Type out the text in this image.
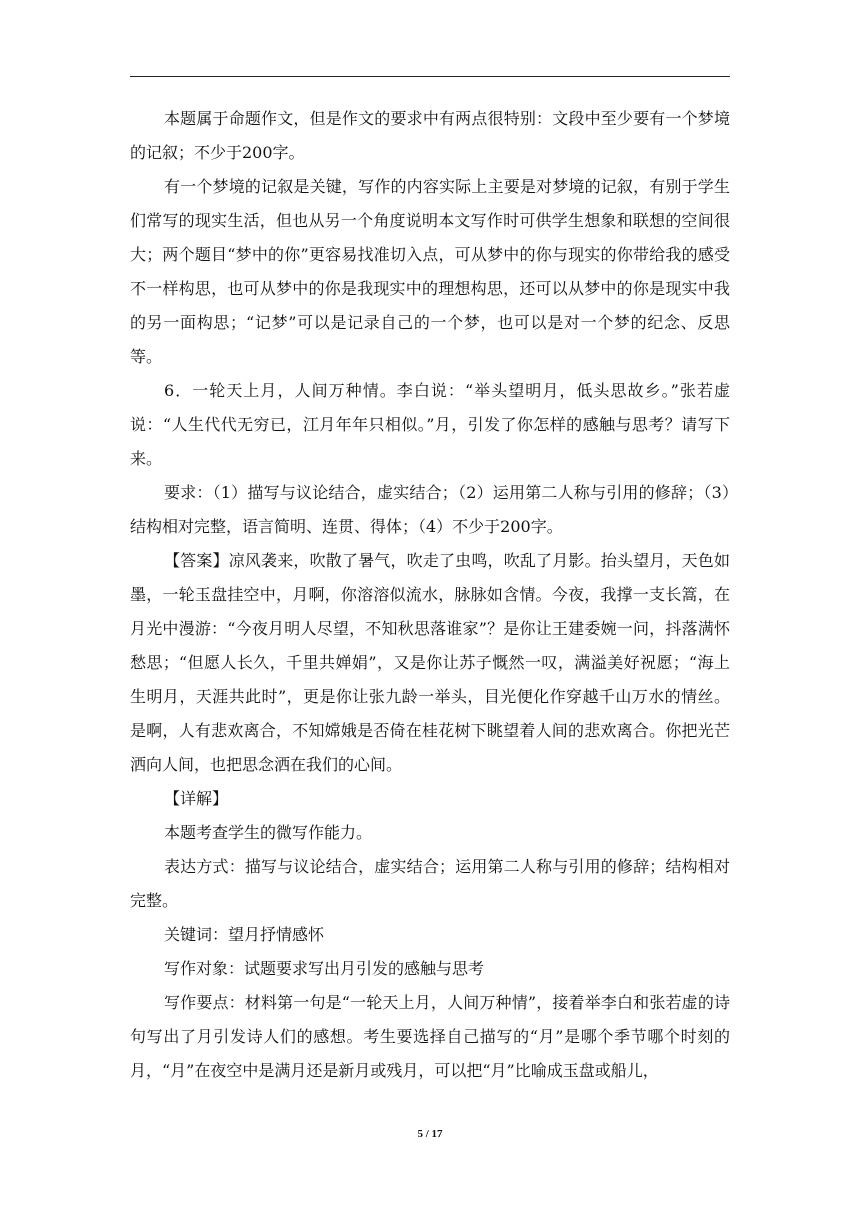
本题属于命题作文，但是作文的要求中有两点很特别：文段中至少要有一个梦境的记叙；不少于200字。

有一个梦境的记叙是关键，写作的内容实际上主要是对梦境的记叙，有别于学生们常写的现实生活，但也从另一个角度说明本文写作时可供学生想象和联想的空间很大；两个题目“梦中的你”更容易找准切入点，可从梦中的你与现实的你带给我的感受不一样构思，也可从梦中的你是我现实中的理想构思，还可以从梦中的你是现实中我的另一面构思；“记梦”可以是记录自己的一个梦，也可以是对一个梦的纪念、反思等。

6．一轮天上月，人间万种情。李白说：“举头望明月，低头思故乡。”张若虚说：“人生代代无穷已，江月年年只相似。”月，引发了你怎样的感触与思考？请写下来。

要求：（1）描写与议论结合，虚实结合；（2）运用第二人称与引用的修辞；（3）结构相对完整，语言简明、连贯、得体；（4）不少于200字。

【答案】凉风袭来，吹散了暑气，吹走了虫鸣，吹乱了月影。抬头望月，天色如墨，一轮玉盘挂空中，月啊，你溶溶似流水，脉脉如含情。今夜，我撑一支长篙，在月光中漫游：“今夜月明人尽望，不知秋思落谁家”？是你让王建委婉一问，抖落满怀愁思；“但愿人长久，千里共婵娟”，又是你让苏子慨然一叹，满溢美好祝愿；“海上生明月，天涯共此时”，更是你让张九龄一举头，目光便化作穿越千山万水的情丝。是啊，人有悲欢离合，不知嫦娥是否倚在桂花树下眺望着人间的悲欢离合。你把光芒洒向人间，也把思念洒在我们的心间。

【详解】

本题考查学生的微写作能力。

表达方式：描写与议论结合，虚实结合；运用第二人称与引用的修辞；结构相对完整。

关键词：望月抒情感怀

写作对象：试题要求写出月引发的感触与思考

写作要点：材料第一句是“一轮天上月，人间万种情”，接着举李白和张若虚的诗句写出了月引发诗人们的感想。考生要选择自己描写的“月”是哪个季节哪个时刻的月，“月”在夜空中是满月还是新月或残月，可以把“月”比喻成玉盘或船儿，

5 / 17
